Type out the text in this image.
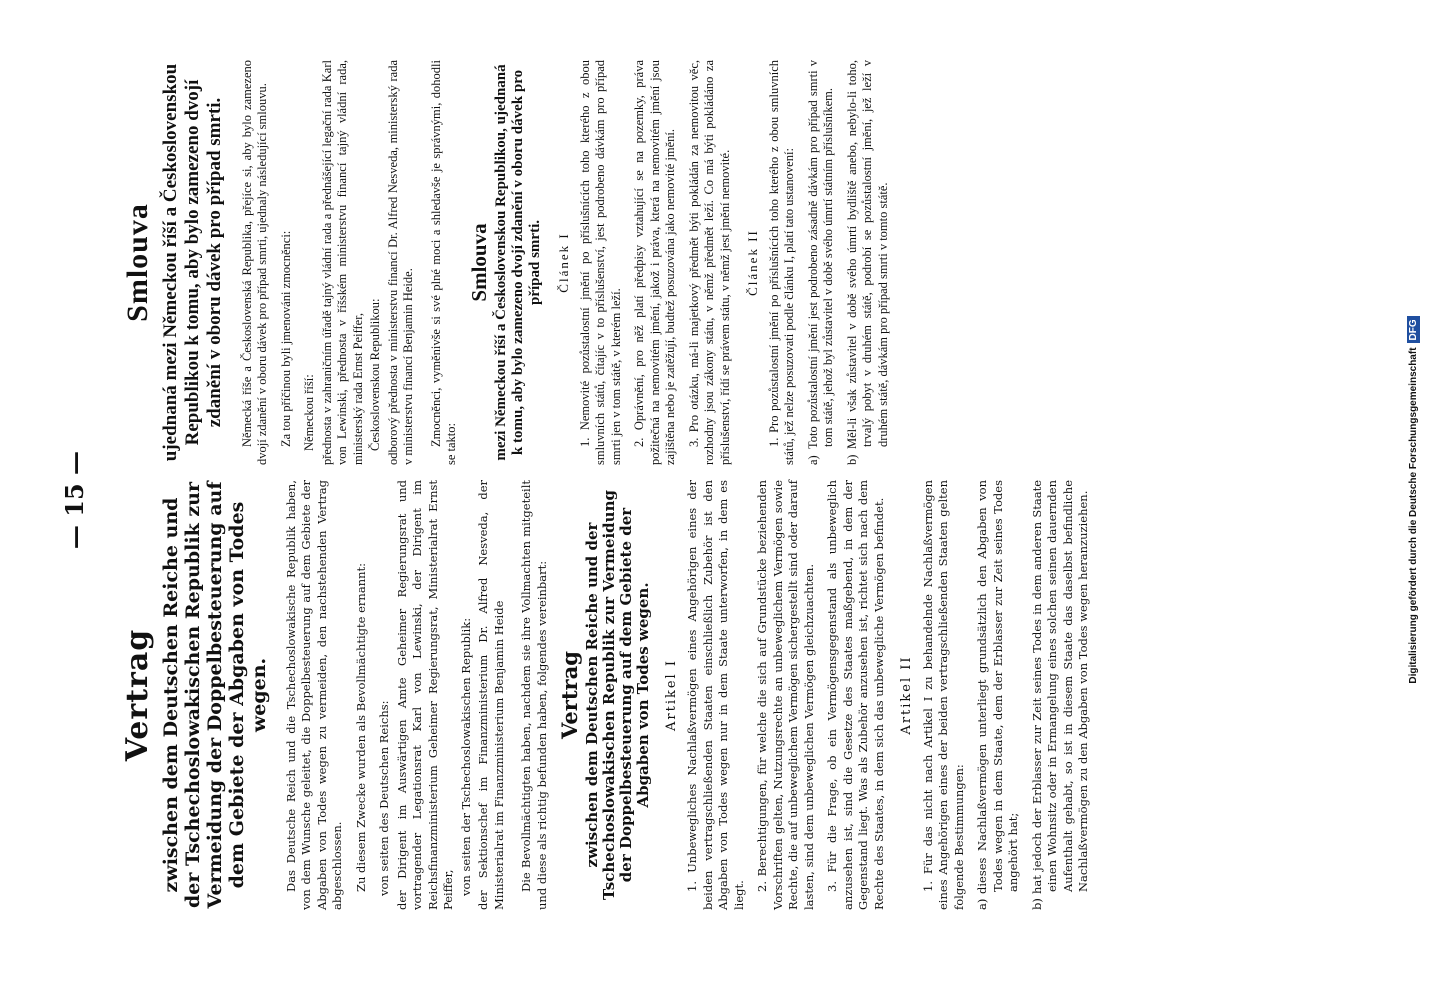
— 15 —
Vertrag zwischen dem Deutschen Reiche und der Tschechoslowakischen Republik zur Vermeidung der Doppelbesteuerung auf dem Gebiete der Abgaben von Todes wegen. Das Deutsche Reich und die Tschechoslowakische Republik haben, von dem Wunsche geleitet, die Doppelbesteuerung auf dem Gebiete der Abgaben von Todes wegen zu vermeiden, den nachstehenden Vertrag abgeschlossen. Zu diesem Zwecke wurden als Bevollmächtigte ernannt: von seiten des Deutschen Reichs: der Dirigent im Auswärtigen Amte Geheimer Regierungsrat und vortragender Legationsrat Karl von Lewinski, der Dirigent im Reichsfinanzministerium Geheimer Regierungsrat, Ministerialrat Ernst Peiffer, von seiten der Tschechoslowakischen Republik: der Sektionschef im Finanzministerium Dr. Alfred Nesveda, der Ministerialrat im Finanzministerium Benjamin Heide Die Bevollmächtigten haben, nachdem sie ihre Vollmachten mitgeteilt und diese als richtig befunden haben, folgendes vereinbart: Vertrag zwischen dem Deutschen Reiche und der Tschechoslowakischen Republik zur Vermeidung der Doppelbesteuerung auf dem Gebiete der Abgaben von Todes wegen. Artikel I 1. Unbewegliches Nachlaßvermögen eines Angehörigen eines der beiden vertragschließenden Staaten einschließlich Zubehör ist den Abgaben von Todes wegen nur in dem Staate unterworfen, in dem es liegt.

2. Berechtigungen, für welche die sich auf Grundstücke beziehenden Vorschriften gelten, Nutzungsrechte an unbeweglichem Vermögen sowie Rechte, die auf unbeweglichem Vermögen sichergestellt sind oder darauf lasten, sind dem unbeweglichen Vermögen gleichzuachten. 3. Für die Frage, ob ein Vermögensgegenstand als unbeweglich anzusehen ist, sind die Gesetze des Staates maßgebend, in dem der Gegenstand liegt. Was als Zubehör anzusehen ist, richtet sich nach dem Rechte des Staates, in dem sich das unbewegliche Vermögen befindet. Artikel II 1. Für das nicht nach Artikel I zu behandelnde Nachlaßvermögen eines Angehörigen eines der beiden vertragschließenden Staaten gelten folgende Bestimmungen: a)dieses Nachlaßvermögen unterliegt grundsätzlich den Abgaben von Todes wegen in dem Staate, dem der Erblasser zur Zeit seines Todes angehört hat;

b)hat jedoch der Erblasser zur Zeit seines Todes in dem anderen Staate einen Wohnsitz oder in Ermangelung eines solchen seinen dauernden Aufenthalt gehabt, so ist in diesem Staate das daselbst befindliche Nachlaßvermögen zu den Abgaben von Todes wegen heranzuziehen.

Smlouva ujednaná mezi Německou říší a Československou Republikou k tomu, aby bylo zamezeno dvojí zdanění v oboru dávek pro případ smrti. Německá říše a Československá Republika, přejíce si, aby bylo zamezeno dvojí zdanění v oboru dávek pro případ smrti, ujednaly následující smlouvu. Za tou příčinou byli jmenováni zmocněnci: Německou říší: přednosta v zahraničním úřadě tajný vládní rada a přednášející legační rada Karl von Lewinski, přednosta v říšském ministerstvu financí tajný vládní rada, ministerský rada Ernst Peiffer, Československou Republikou: odborový přednosta v ministerstvu financí Dr. Alfred Nesveda, ministerský rada v ministerstvu financí Benjamin Heide. Zmocněnci, vyměnivše si své plné moci a shledavše je správnými, dohodli se takto:

Smlouva mezi Německou říší a Československou Republikou, ujednaná k tomu, aby bylo zamezeno dvojí zdanění v oboru dávek pro případ smrti. Článek I 1. Nemovité pozůstalostní jmění po příslušnících toho kterého z obou smluvních států, čítajíc v to příslušenství, jest podrobeno dávkám pro případ smrti jen v tom státě, v kterém leží. 2. Oprávnění, pro něž platí předpisy vztahující se na pozemky, práva požitečná na nemovitém jmění, jakož i práva, která na nemovitém jmění jsou zajištěna nebo je zatěžují, budtež posuzována jako nemovité jmění. 3. Pro otázku, má-li majetkový předmět býti pokládán za nemovitou věc, rozhodny jsou zákony státu, v němž předmět leží. Co má býti pokládáno za příslušenství, řídí se právem státu, v němž jest jmění nemovité. Článek II 1. Pro pozůstalostní jmění po příslušnících toho kterého z obou smluvních států, jež nelze posuzovati podle článku I, platí tato ustanovení: a)Toto pozůstalostní jmění jest podrobeno zásadně dávkám pro případ smrti v tom státě, jehož byl zůstavitel v době svého úmrtí státním příslušníkem.

b)Měl-li však zůstavitel v době svého úmrtí bydliště anebo, nebylo-li toho, trvalý pobyt v druhém státě, podrobí se pozůstalostní jmění, jež leží v druhém státě, dávkám pro případ smrti v tomto státě.

Digitalisierung gefördert durch die Deutsche ForschungsgemeinschaftDFG
